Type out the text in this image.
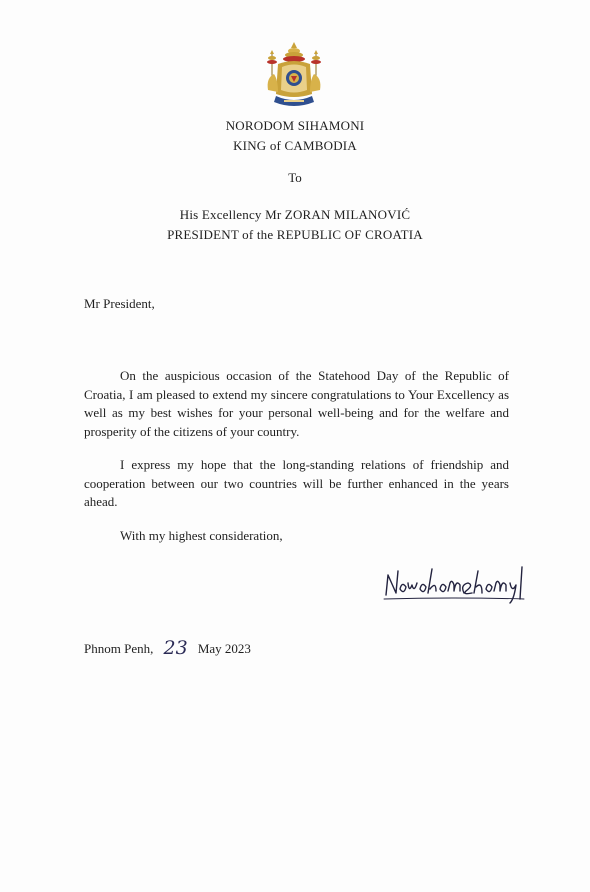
NORODOM SIHAMONI
KING of CAMBODIA
To
His Excellency Mr ZORAN MILANOVIĆ
PRESIDENT of the REPUBLIC OF CROATIA
Mr President,

On the auspicious occasion of the Statehood Day of the Republic of Croatia, I am pleased to extend my sincere congratulations to Your Excellency as well as my best wishes for your personal well-being and for the welfare and prosperity of the citizens of your country.

I express my hope that the long-standing relations of friendship and cooperation between our two countries will be further enhanced in the years ahead.

With my highest consideration,
Phnom Penh, 23 May 2023
